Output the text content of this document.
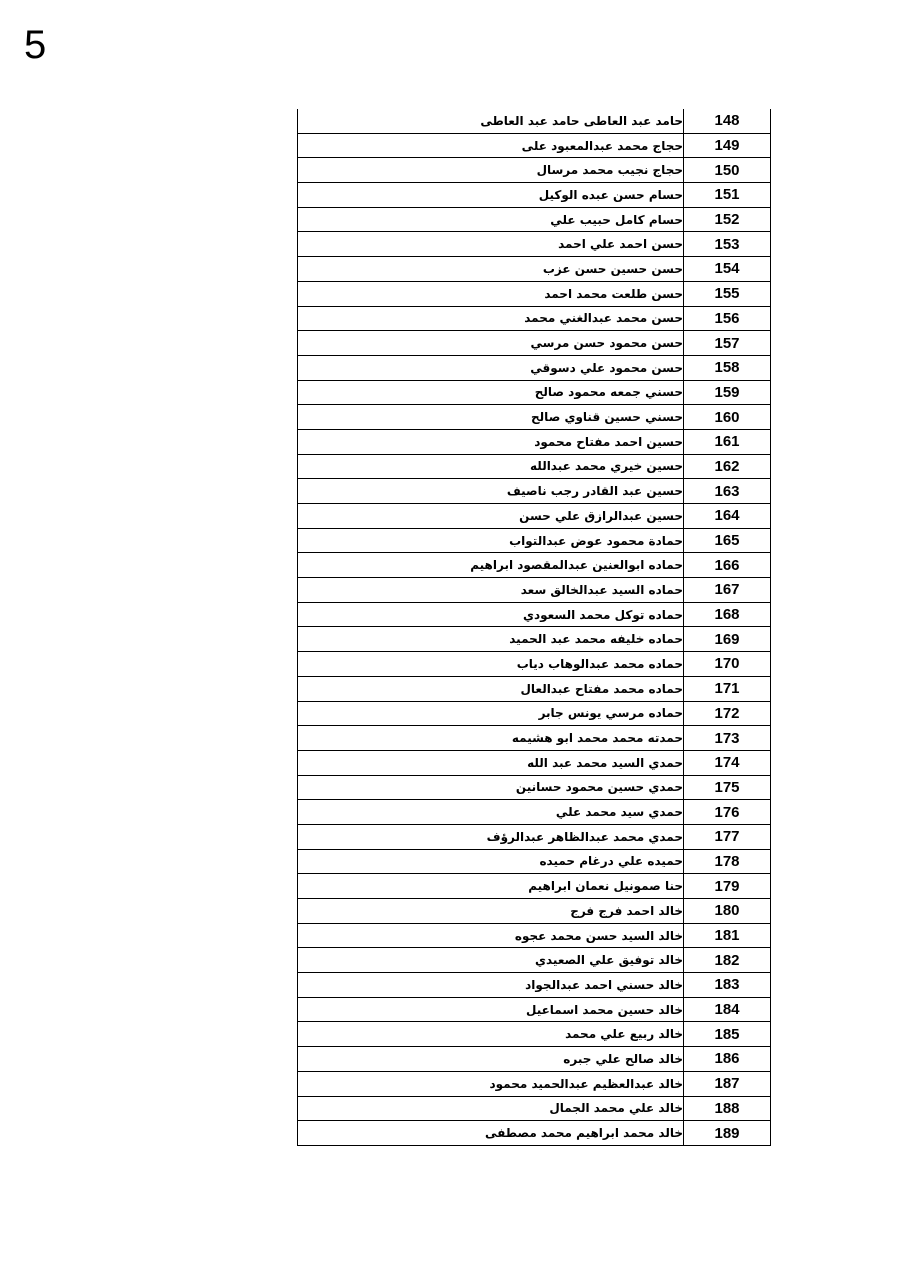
5
حامد عبد العاطى حامد عبد العاطى	148
حجاج محمد عبدالمعبود على	149
حجاج نجيب محمد مرسال	150
حسام حسن عبده الوكيل	151
حسام كامل حبيب علي	152
حسن احمد علي احمد	153
حسن حسين حسن عزب	154
حسن طلعت محمد احمد	155
حسن محمد عبدالغني محمد	156
حسن محمود حسن مرسي	157
حسن محمود علي دسوقي	158
حسني جمعه محمود صالح	159
حسني حسين قناوي صالح	160
حسين احمد مفتاح محمود	161
حسين خيري محمد عبدالله	162
حسين عبد القادر رجب ناصيف	163
حسين عبدالرازق علي حسن	164
حمادة محمود عوض عبدالتواب	165
حماده ابوالعنين عبدالمقصود ابراهيم	166
حماده السيد عبدالخالق سعد	167
حماده توكل محمد السعودي	168
حماده خليفه محمد عبد الحميد	169
حماده محمد عبدالوهاب دياب	170
حماده محمد مفتاح عبدالعال	171
حماده مرسي يونس جابر	172
حمدته محمد محمد ابو هشيمه	173
حمدي السيد محمد عبد الله	174
حمدي حسين محمود حسانين	175
حمدي سيد محمد علي	176
حمدي محمد عبدالظاهر عبدالرؤف	177
حميده علي درغام حميده	178
حنا صمونيل نعمان ابراهيم	179
خالد احمد فرج فرج	180
خالد السيد حسن محمد عجوه	181
خالد توفيق علي الصعيدي	182
خالد حسني احمد عبدالجواد	183
خالد حسين محمد اسماعيل	184
خالد ربيع علي محمد	185
خالد صالح علي جبره	186
خالد عبدالعظيم عبدالحميد محمود	187
خالد علي محمد الجمال	188
خالد محمد ابراهيم محمد مصطفى	189
